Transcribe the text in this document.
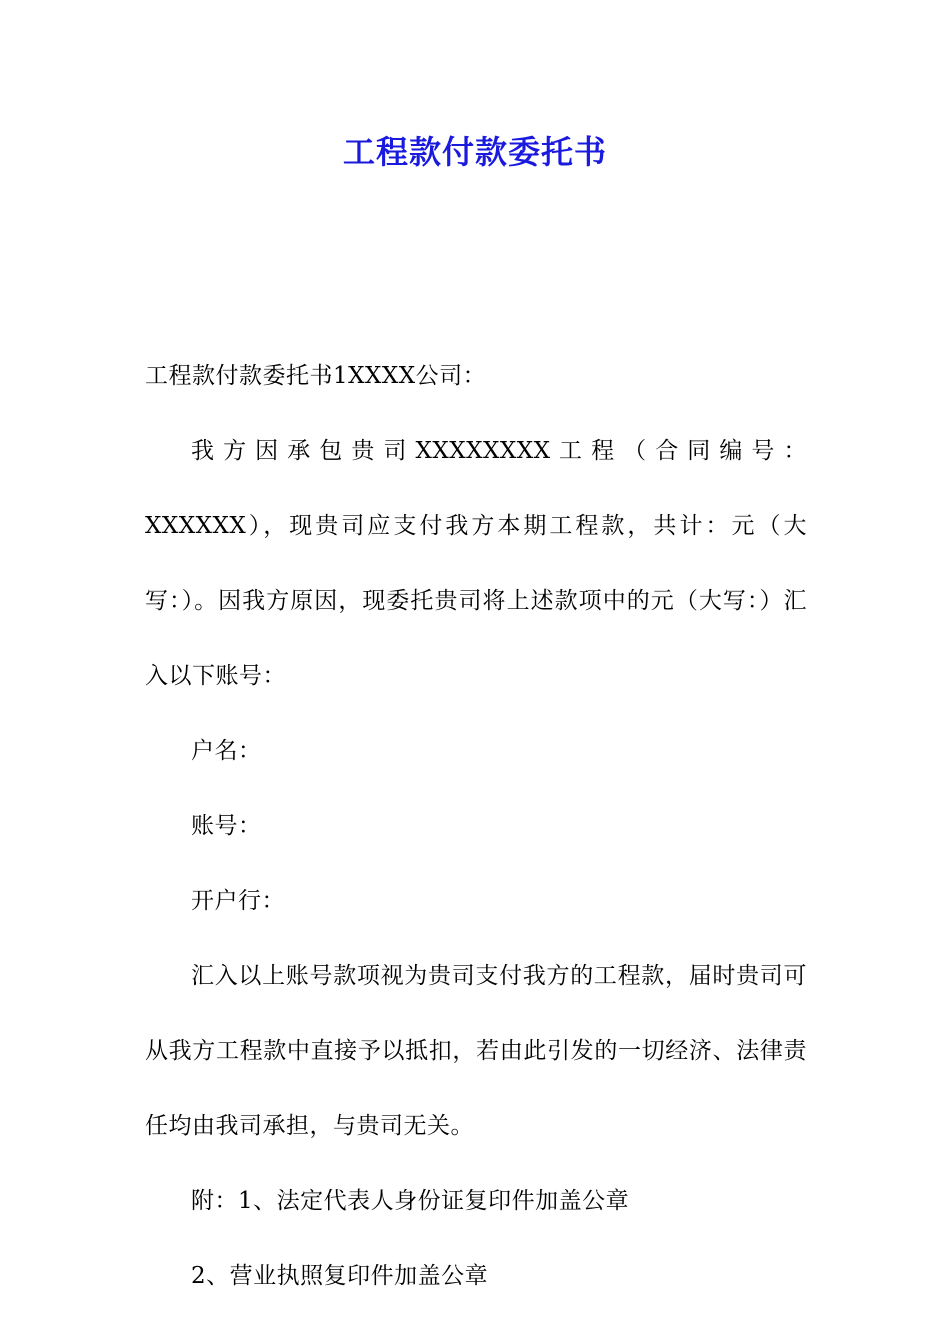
工程款付款委托书

工程款付款委托书1XXXX公司：

我方因承包贵司XXXXXXXX工程（合同编号：XXXXXX），现贵司应支付我方本期工程款，共计：元（大写：）。因我方原因，现委托贵司将上述款项中的元（大写：）汇入以下账号：

户名：

账号：

开户行：

汇入以上账号款项视为贵司支付我方的工程款，届时贵司可从我方工程款中直接予以抵扣，若由此引发的一切经济、法律责任均由我司承担，与贵司无关。

附：1、法定代表人身份证复印件加盖公章

2、营业执照复印件加盖公章
